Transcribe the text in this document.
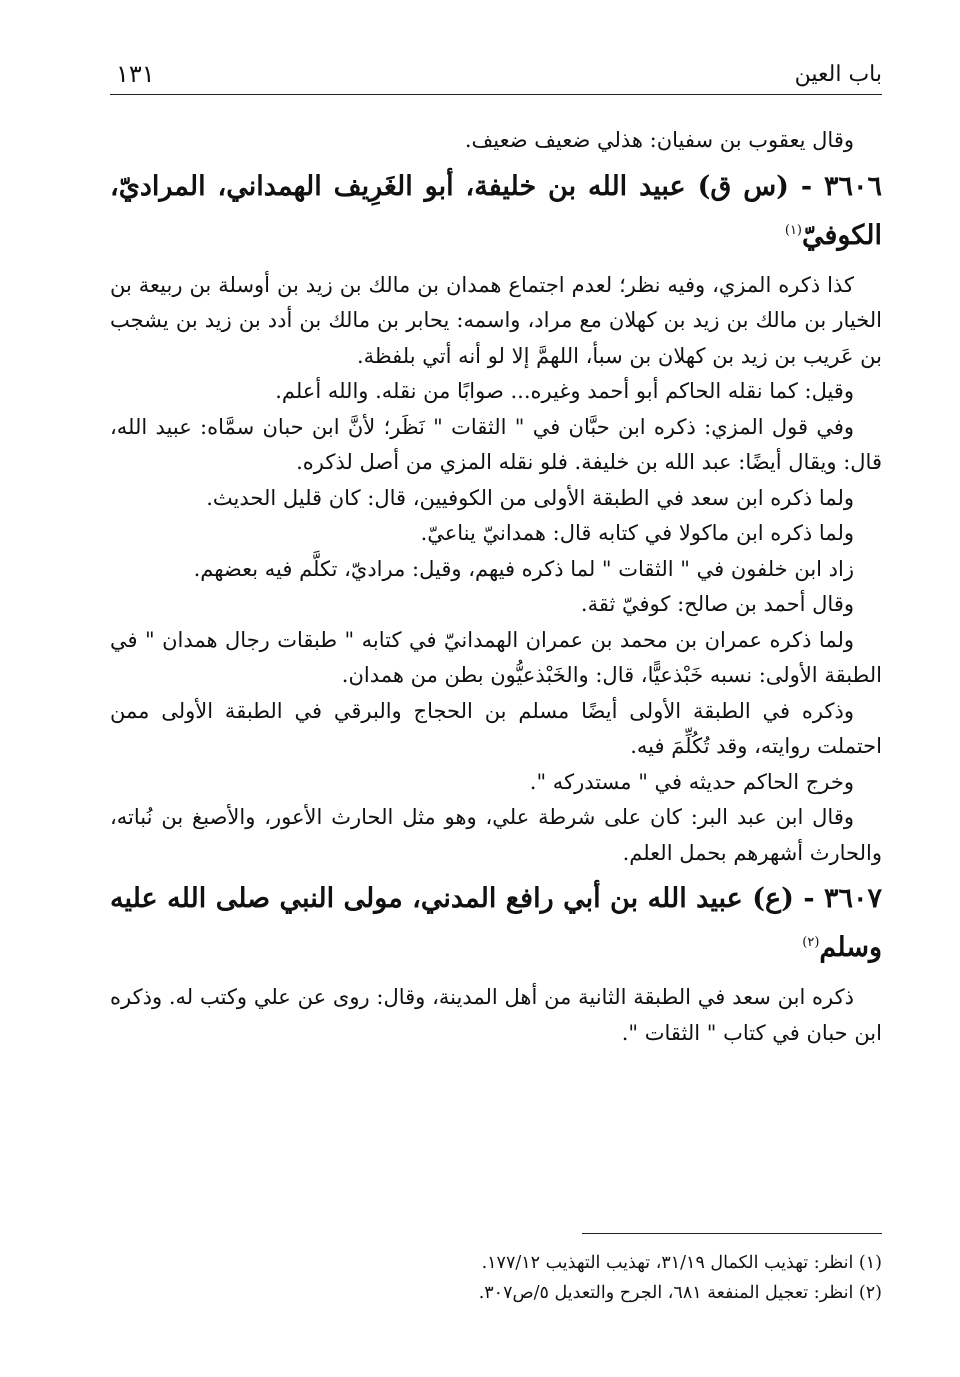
باب العين
١٣١

وقال يعقوب بن سفيان: هذلي ضعيف ضعيف.

٣٦٠٦ - (س ق) عبيد الله بن خليفة، أبو الغَرِيف الهمداني، المراديّ، الكوفيّ$^{(١)}$

كذا ذكره المزي، وفيه نظر؛ لعدم اجتماع همدان بن مالك بن زيد بن أوسلة بن ربيعة بن الخيار بن مالك بن زيد بن كهلان مع مراد، واسمه: يحابر بن مالك بن أدد بن زيد بن يشجب بن عَريب بن زيد بن كهلان بن سبأ، اللهمَّ إلا لو أنه أتي بلفظة.

وقيل: كما نقله الحاكم أبو أحمد وغيره... صوابًا من نقله. والله أعلم.

وفي قول المزي: ذكره ابن حبَّان في " الثقات " نَظَر؛ لأنَّ ابن حبان سمَّاه: عبيد الله، قال: ويقال أيضًا: عبد الله بن خليفة. فلو نقله المزي من أصل لذكره.

ولما ذكره ابن سعد في الطبقة الأولى من الكوفيين، قال: كان قليل الحديث.

ولما ذكره ابن ماكولا في كتابه قال: همدانيّ يناعيّ.

زاد ابن خلفون في " الثقات " لما ذكره فيهم، وقيل: مراديّ، تكلَّم فيه بعضهم.

وقال أحمد بن صالح: كوفيّ ثقة.

ولما ذكره عمران بن محمد بن عمران الهمدانيّ في كتابه " طبقات رجال همدان " في الطبقة الأولى: نسبه خَبْذعيًّا، قال: والخَبْذعيُّون بطن من همدان.

وذكره في الطبقة الأولى أيضًا مسلم بن الحجاج والبرقي في الطبقة الأولى ممن احتملت روايته، وقد تُكُلِّمَ فيه.

وخرج الحاكم حديثه في " مستدركه ".

وقال ابن عبد البر: كان على شرطة علي، وهو مثل الحارث الأعور، والأصبغ بن نُباته، والحارث أشهرهم بحمل العلم.

٣٦٠٧ - (ع) عبيد الله بن أبي رافع المدني، مولى النبي صلى الله عليه وسلم$^{(٢)}$

ذكره ابن سعد في الطبقة الثانية من أهل المدينة، وقال: روى عن علي وكتب له. وذكره ابن حبان في كتاب " الثقات ".

(١) انظر: تهذيب الكمال ٣١/١٩، تهذيب التهذيب ١٧٧/١٢.

(٢) انظر: تعجيل المنفعة ٦٨١، الجرح والتعديل ٥/ص٣٠٧.
